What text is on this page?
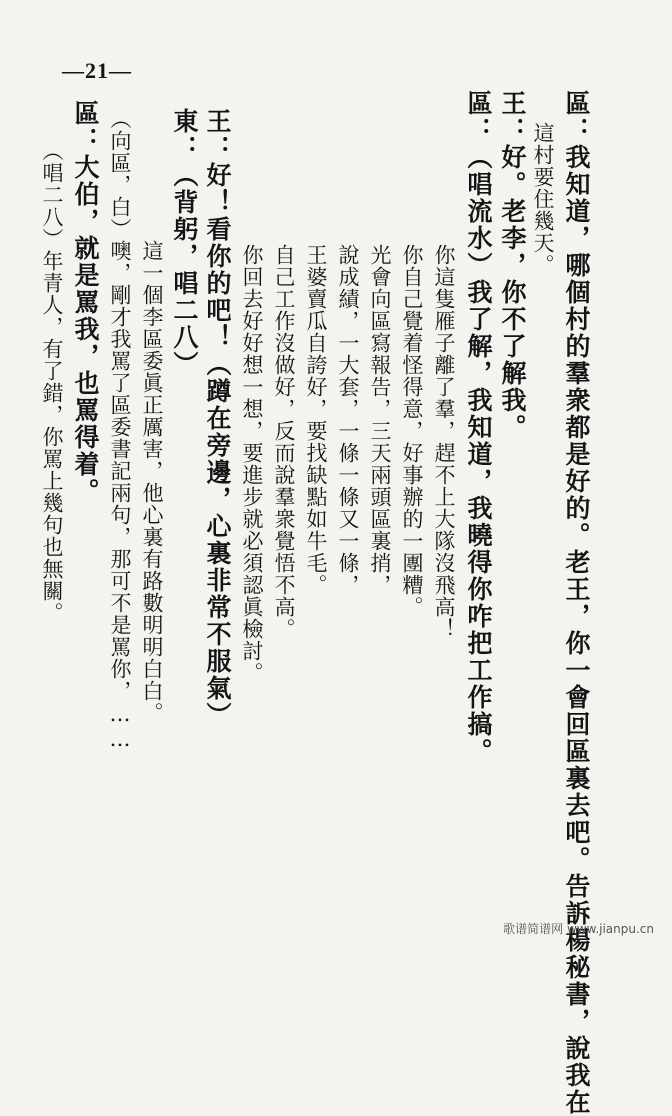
—21—
區：我知道，哪個村的羣衆都是好的。老王，你一會回區裏去吧。告訴楊秘書，說我在
這村要住幾天。
王：好。老李，你不了解我。
區：（唱流水）我了解，我知道，我曉得你咋把工作搞。
你這隻雁子離了羣，趕不上大隊沒飛高！
你自己覺着怪得意，好事辦的一團糟。
光會向區寫報告，三天兩頭區裏捎，
說成績，一大套，一條一條又一條，
王婆賣瓜自誇好，要找缺點如牛毛。
自己工作沒做好，反而說羣衆覺悟不高。
你回去好好想一想，要進步就必須認眞檢討。
王：好！看你的吧！（蹲在旁邊，心裏非常不服氣）
東：（背躬，唱二八）
這一個李區委眞正厲害，他心裏有路數明明白白。
（向區，白）噢，剛才我罵了區委書記兩句，那可不是罵你，……
區：大伯，就是罵我，也罵得着。
（唱二八）年青人，有了錯，你罵上幾句也無關。
歌谱简谱网 www.jianpu.cn
